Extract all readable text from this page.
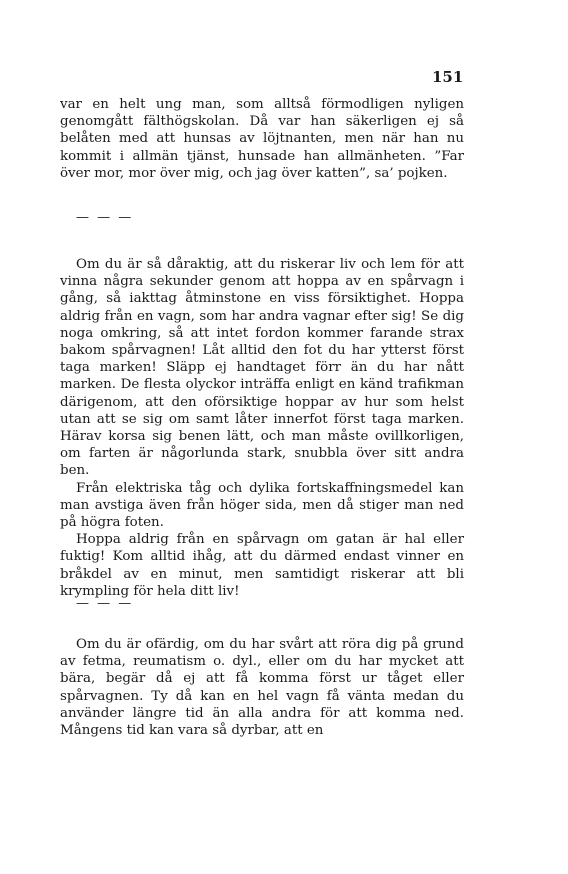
151

var en helt ung man, som alltså förmodligen nyligen genomgått fälthögskolan. Då var han säkerligen ej så belåten med att hunsas av löjtnanten, men när han nu kommit i allmän tjänst, hunsade han allmänheten. ”Far över mor, mor över mig, och jag över katten”, sa’ pojken.

— — —

Om du är så dåraktig, att du riskerar liv och lem för att vinna några sekunder genom att hoppa av en spårvagn i gång, så iakttag åtminstone en viss försiktighet. Hoppa aldrig från en vagn, som har andra vagnar efter sig! Se dig noga omkring, så att intet fordon kommer farande strax bakom spårvagnen! Låt alltid den fot du har ytterst först taga marken! Släpp ej handtaget förr än du har nått marken. De flesta olyckor inträffa enligt en känd trafikman därigenom, att den oförsiktige hoppar av hur som helst utan att se sig om samt låter innerfot först taga marken. Härav korsa sig benen lätt, och man måste ovillkorligen, om farten är någorlunda stark, snubbla över sitt andra ben.

Från elektriska tåg och dylika fortskaffningsmedel kan man avstiga även från höger sida, men då stiger man ned på högra foten.

Hoppa aldrig från en spårvagn om gatan är hal eller fuktig! Kom alltid ihåg, att du därmed endast vinner en bråkdel av en minut, men samtidigt riskerar att bli krympling för hela ditt liv!

— — —

Om du är ofärdig, om du har svårt att röra dig på grund av fetma, reumatism o. dyl., eller om du har mycket att bära, begär då ej att få komma först ur tåget eller spårvagnen. Ty då kan en hel vagn få vänta medan du använder längre tid än alla andra för att komma ned. Mångens tid kan vara så dyrbar, att en
